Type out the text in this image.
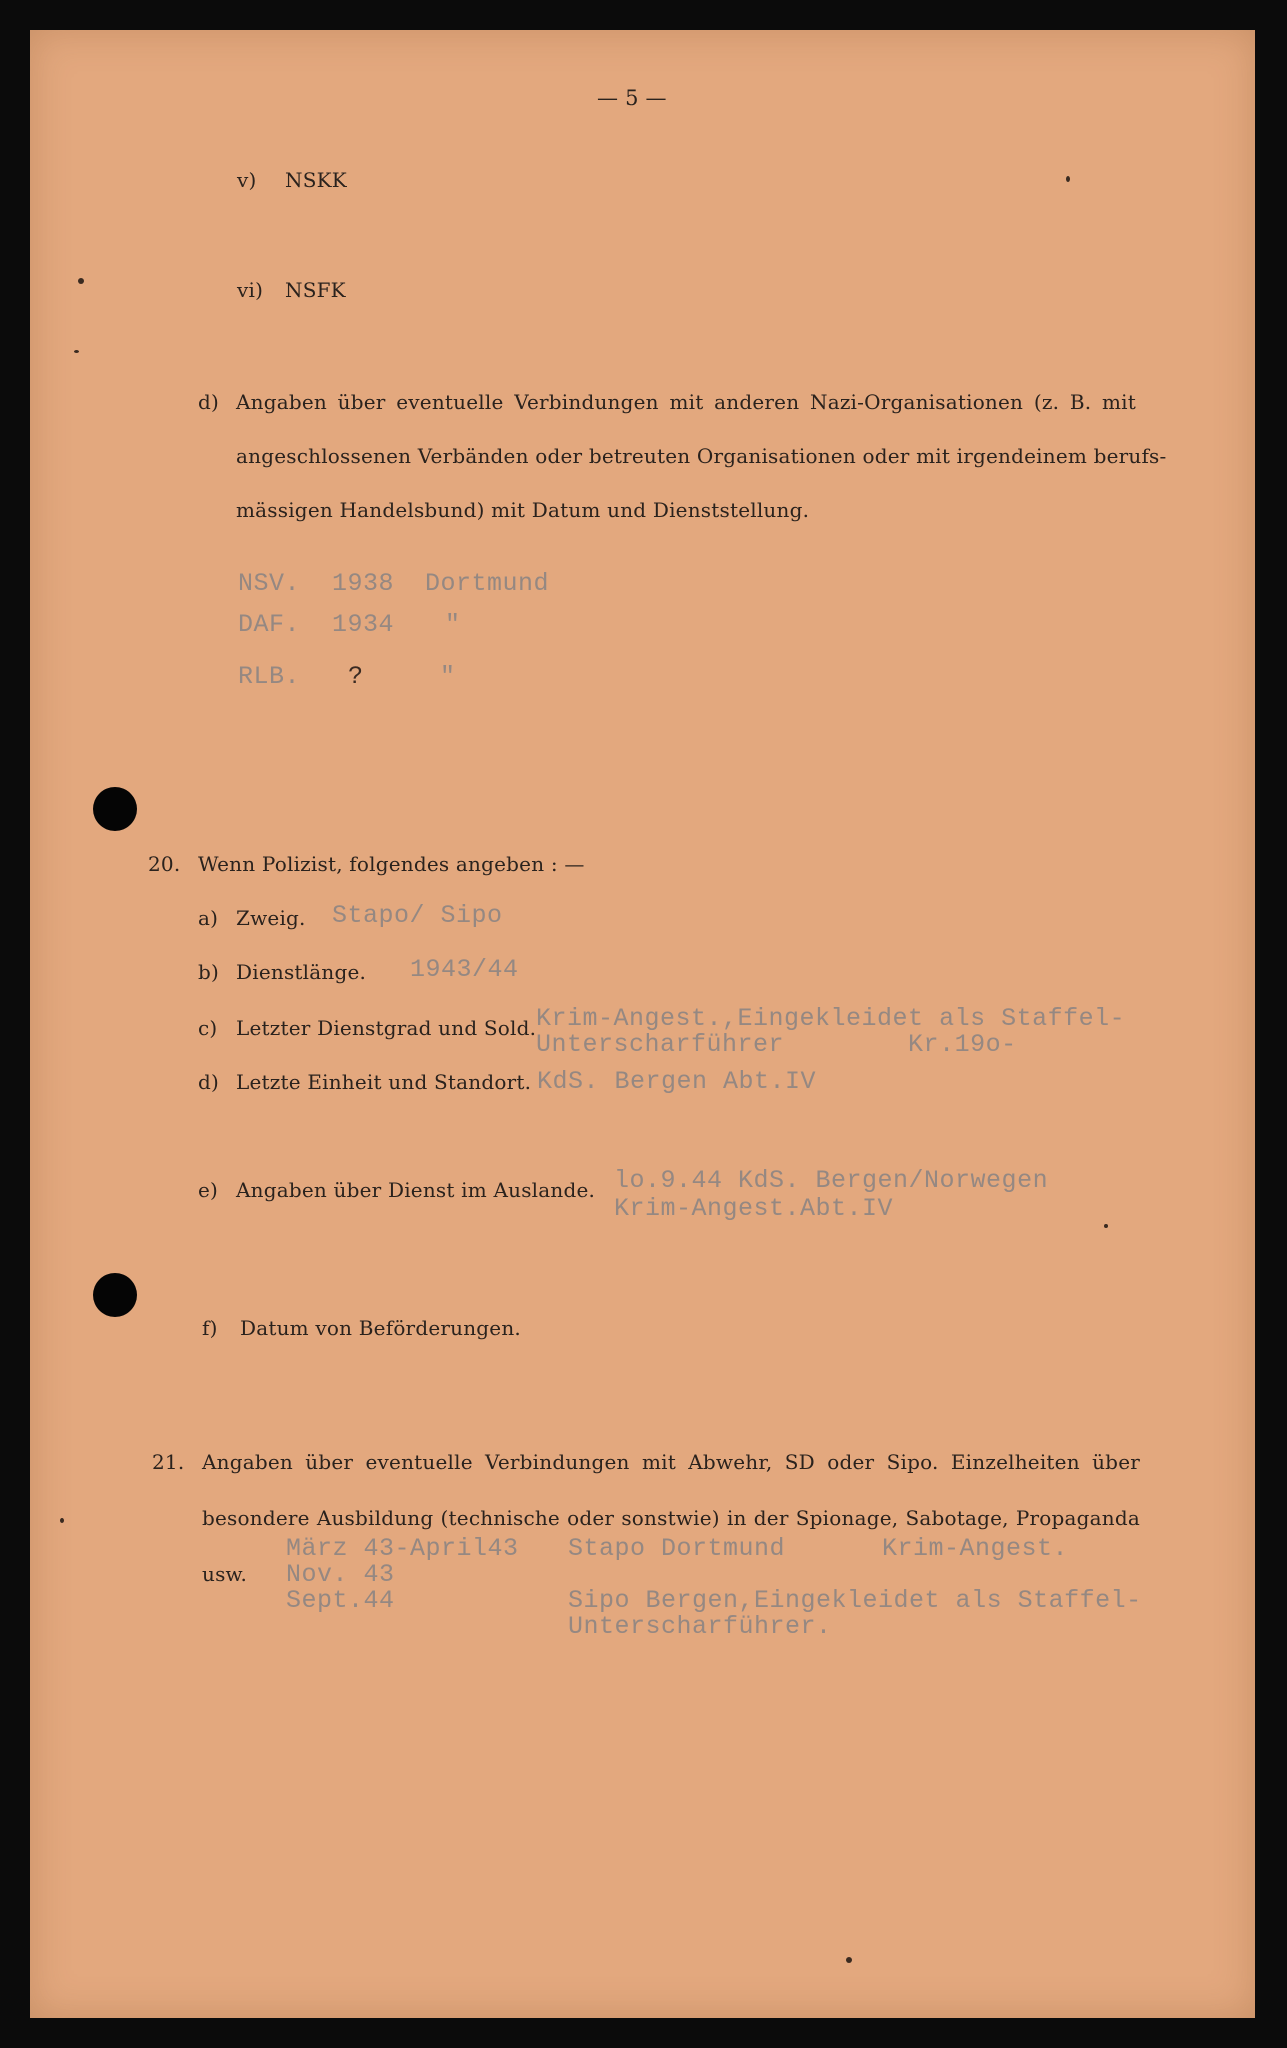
— 5 —
v) NSKK
vi) NSFK
d) Angaben über eventuelle Verbindungen mit anderen Nazi-Organisationen (z. B. mit
angeschlossenen Verbänden oder betreuten Organisationen oder mit irgendeinem berufs-
mässigen Handelsbund) mit Datum und Dienststellung.
NSV. 1938 Dortmund
DAF. 1934 "
RLB. ?	"
20. Wenn Polizist, folgendes angeben : —
a) Zweig. Stapo/ Sipo
b) Dienstlänge. 1943/44
c) Letzter Dienstgrad und Sold. Krim-Angest.,Eingekleidet als Staffel-
Unterscharführer        Kr.19o-
d) Letzte Einheit und Standort. KdS. Bergen Abt.IV
e) Angaben über Dienst im Auslande. lo.9.44 KdS. Bergen/Norwegen
Krim-Angest.Abt.IV
f) Datum von Beförderungen.
21. Angaben über eventuelle Verbindungen mit Abwehr, SD oder Sipo. Einzelheiten über
besondere Ausbildung (technische oder sonstwie) in der Spionage, Sabotage, Propaganda
usw.
März 43-April43 Stapo Dortmund	Krim-Angest.
Nov. 43
Sept.44	Sipo Bergen,Eingekleidet als Staffel-
Unterscharführer.
